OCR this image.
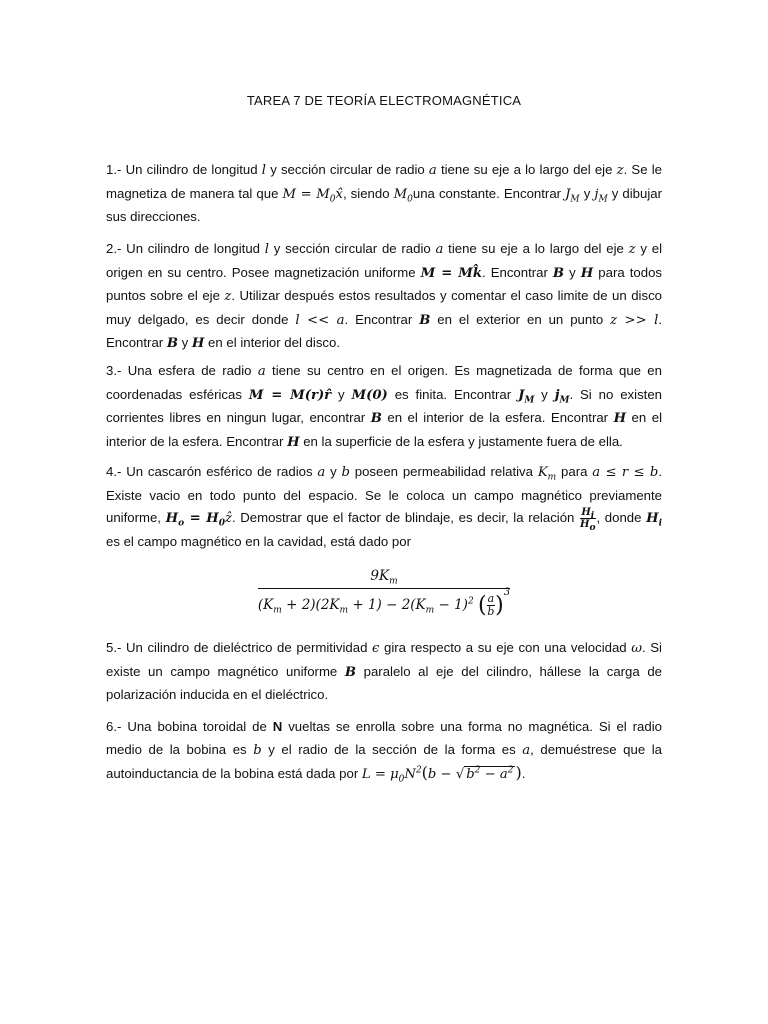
TAREA 7 DE TEORÍA ELECTROMAGNÉTICA

1.- Un cilindro de longitud l y sección circular de radio a tiene su eje a lo largo del eje z. Se le magnetiza de manera tal que $M = M_0x̂$, siendo $M_0una$ constante. Encontrar $J_M$ y $j_M$ y dibujar sus direcciones.

2.- Un cilindro de longitud l y sección circular de radio a tiene su eje a lo largo del eje z y el origen en su centro. Posee magnetización uniforme M = Mk̂. Encontrar B y H para todos puntos sobre el eje z. Utilizar después estos resultados y comentar el caso limite de un disco muy delgado, es decir donde l << a. Encontrar B en el exterior en un punto z >> l. Encontrar B y H en el interior del disco.

3.- Una esfera de radio a tiene su centro en el origen. Es magnetizada de forma que en coordenadas esféricas M = M(r)r̂ y M(0) es finita. Encontrar $J_M$ y $j_M$. Si no existen corrientes libres en ningun lugar, encontrar B en el interior de la esfera. Encontrar H en el interior de la esfera. Encontrar H en la superficie de la esfera y justamente fuera de ella.

4.- Un cascarón esférico de radios a y b poseen permeabilidad relativa $K_m$ para a ≤ r ≤ b. Existe vacio en todo punto del espacio. Se le coloca un campo magnético previamente uniforme, $H_o$ = $H_0ẑ$. Demostrar que el factor de blindaje, es decir, la relación $\frac{H_i}{H_o}$ , donde $H_i$ es el campo magnético en la cavidad, está dado por

$\frac{9K_m}{(K_m + 2)(2K_m + 1) - 2(K_m - 1)^2 ( \frac{a}{b})^3}$

5.- Un cilindro de dieléctrico de permitividad ϵ gira respecto a su eje con una velocidad ω. Si existe un campo magnético uniforme B paralelo al eje del cilindro, hállese la carga de polarización inducida en el dieléctrico.

6.- Una bobina toroidal de N vueltas se enrolla sobre una forma no magnética. Si el radio medio de la bobina es b y el radio de la sección de la forma es a, demuéstrese que la autoinductancia de la bobina está dada por $L = \mu_0N^2(b$ − √ $b^2 - a^2$ ).
